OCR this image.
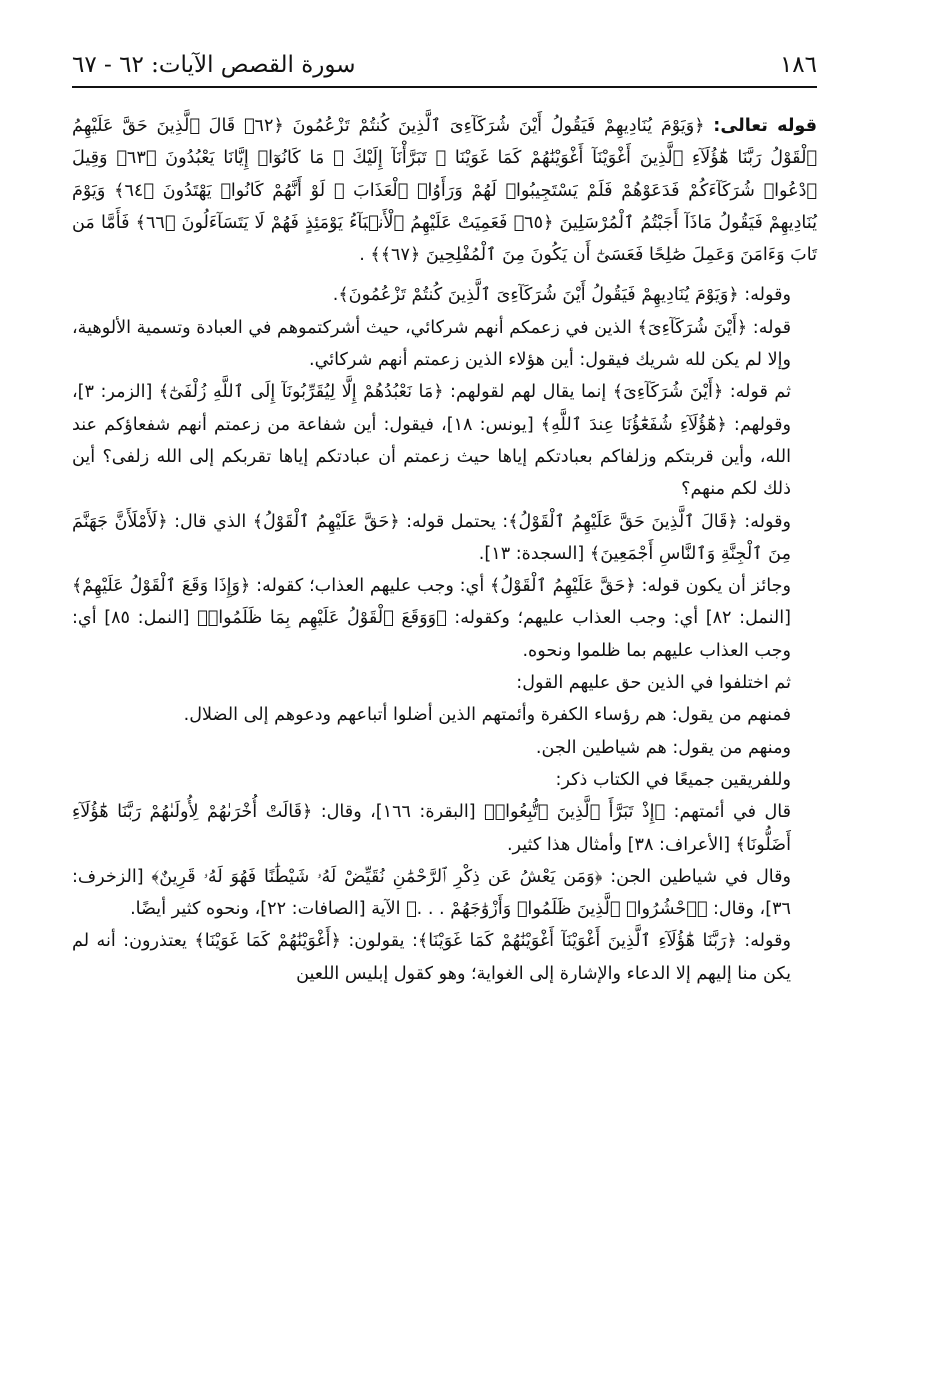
١٨٦
سورة القصص الآيات: ٦٢ - ٦٧

قوله تعالى: ﴿وَيَوْمَ يُنَادِيهِمْ فَيَقُولُ أَيْنَ شُرَكَآءِىَ ٱلَّذِينَ كُنتُمْ تَزْعُمُونَ ﴿٦٢﴾ قَالَ ٱلَّذِينَ حَقَّ عَلَيْهِمُ ٱلْقَوْلُ رَبَّنَا هَٰٓؤُلَآءِ ٱلَّذِينَ أَغْوَيْنَآ أَغْوَيْنَٰهُمْ كَمَا غَوَيْنَا ۖ تَبَرَّأْنَآ إِلَيْكَ ۖ مَا كَانُوٓا۟ إِيَّانَا يَعْبُدُونَ ﴿٦٣﴾ وَقِيلَ ٱدْعُوا۟ شُرَكَآءَكُمْ فَدَعَوْهُمْ فَلَمْ يَسْتَجِيبُوا۟ لَهُمْ وَرَأَوُا۟ ٱلْعَذَابَ ۚ لَوْ أَنَّهُمْ كَانُوا۟ يَهْتَدُونَ ﴿٦٤﴾ وَيَوْمَ يُنَادِيهِمْ فَيَقُولُ مَاذَآ أَجَبْتُمُ ٱلْمُرْسَلِينَ ﴿٦٥﴾ فَعَمِيَتْ عَلَيْهِمُ ٱلْأَنۢبَآءُ يَوْمَئِذٍ فَهُمْ لَا يَتَسَآءَلُونَ ﴿٦٦﴾ فَأَمَّا مَن تَابَ وَءَامَنَ وَعَمِلَ صَٰلِحًا فَعَسَىٰٓ أَن يَكُونَ مِنَ ٱلْمُفْلِحِينَ ﴿٦٧﴾﴾ .

وقوله: ﴿وَيَوْمَ يُنَادِيهِمْ فَيَقُولُ أَيْنَ شُرَكَآءِىَ ٱلَّذِينَ كُنتُمْ تَزْعُمُونَ﴾.

قوله: ﴿أَيْنَ شُرَكَآءِىَ﴾ الذين في زعمكم أنهم شركائي، حيث أشركتموهم في العبادة وتسمية الألوهية، وإلا لم يكن لله شريك فيقول: أين هؤلاء الذين زعمتم أنهم شركائي.

ثم قوله: ﴿أَيْنَ شُرَكَآءِىَ﴾ إنما يقال لهم لقولهم: ﴿مَا نَعْبُدُهُمْ إِلَّا لِيُقَرِّبُونَآ إِلَى ٱللَّهِ زُلْفَىٰٓ﴾ [الزمر: ٣]، وقولهم: ﴿هَٰٓؤُلَآءِ شُفَعَٰٓؤُنَا عِندَ ٱللَّهِ﴾ [يونس: ١٨]، فيقول: أين شفاعة من زعمتم أنهم شفعاؤكم عند الله، وأين قربتكم وزلفاكم بعبادتكم إياها حيث زعمتم أن عبادتكم إياها تقربكم إلى الله زلفى؟ أين ذلك لكم منهم؟

وقوله: ﴿قَالَ ٱلَّذِينَ حَقَّ عَلَيْهِمُ ٱلْقَوْلُ﴾: يحتمل قوله: ﴿حَقَّ عَلَيْهِمُ ٱلْقَوْلُ﴾ الذي قال: ﴿لَأَمْلَأَنَّ جَهَنَّمَ مِنَ ٱلْجِنَّةِ وَٱلنَّاسِ أَجْمَعِينَ﴾ [السجدة: ١٣].

وجائز أن يكون قوله: ﴿حَقَّ عَلَيْهِمُ ٱلْقَوْلُ﴾ أي: وجب عليهم العذاب؛ كقوله: ﴿وَإِذَا وَقَعَ ٱلْقَوْلُ عَلَيْهِمْ﴾ [النمل: ٨٢] أي: وجب العذاب عليهم؛ وكقوله: ﴿وَوَقَعَ ٱلْقَوْلُ عَلَيْهِم بِمَا ظَلَمُوا۟﴾ [النمل: ٨٥] أي: وجب العذاب عليهم بما ظلموا ونحوه.

ثم اختلفوا في الذين حق عليهم القول:

فمنهم من يقول: هم رؤساء الكفرة وأئمتهم الذين أضلوا أتباعهم ودعوهم إلى الضلال.

ومنهم من يقول: هم شياطين الجن.

وللفريقين جميعًا في الكتاب ذكر:

قال في أئمتهم: ﴿إِذْ تَبَرَّأَ ٱلَّذِينَ ٱتُّبِعُوا۟﴾ [البقرة: ١٦٦]، وقال: ﴿قَالَتْ أُخْرَىٰهُمْ لِأُولَىٰهُمْ رَبَّنَا هَٰٓؤُلَآءِ أَضَلُّونَا﴾ [الأعراف: ٣٨] وأمثال هذا كثير.

وقال في شياطين الجن: ﴿وَمَن يَعْشُ عَن ذِكْرِ ٱلرَّحْمَٰنِ نُقَيِّضْ لَهُۥ شَيْطَٰنًا فَهُوَ لَهُۥ قَرِينٌ﴾ [الزخرف: ٣٦]، وقال: ﴿ٱحْشُرُوا۟ ٱلَّذِينَ ظَلَمُوا۟ وَأَزْوَٰجَهُمْ . . .﴾ الآية [الصافات: ٢٢]، ونحوه كثير أيضًا.

وقوله: ﴿رَبَّنَا هَٰٓؤُلَآءِ ٱلَّذِينَ أَغْوَيْنَآ أَغْوَيْنَٰهُمْ كَمَا غَوَيْنَا﴾: يقولون: ﴿أَغْوَيْنَٰهُمْ كَمَا غَوَيْنَا﴾ يعتذرون: أنه لم يكن منا إليهم إلا الدعاء والإشارة إلى الغواية؛ وهو كقول إبليس اللعين
